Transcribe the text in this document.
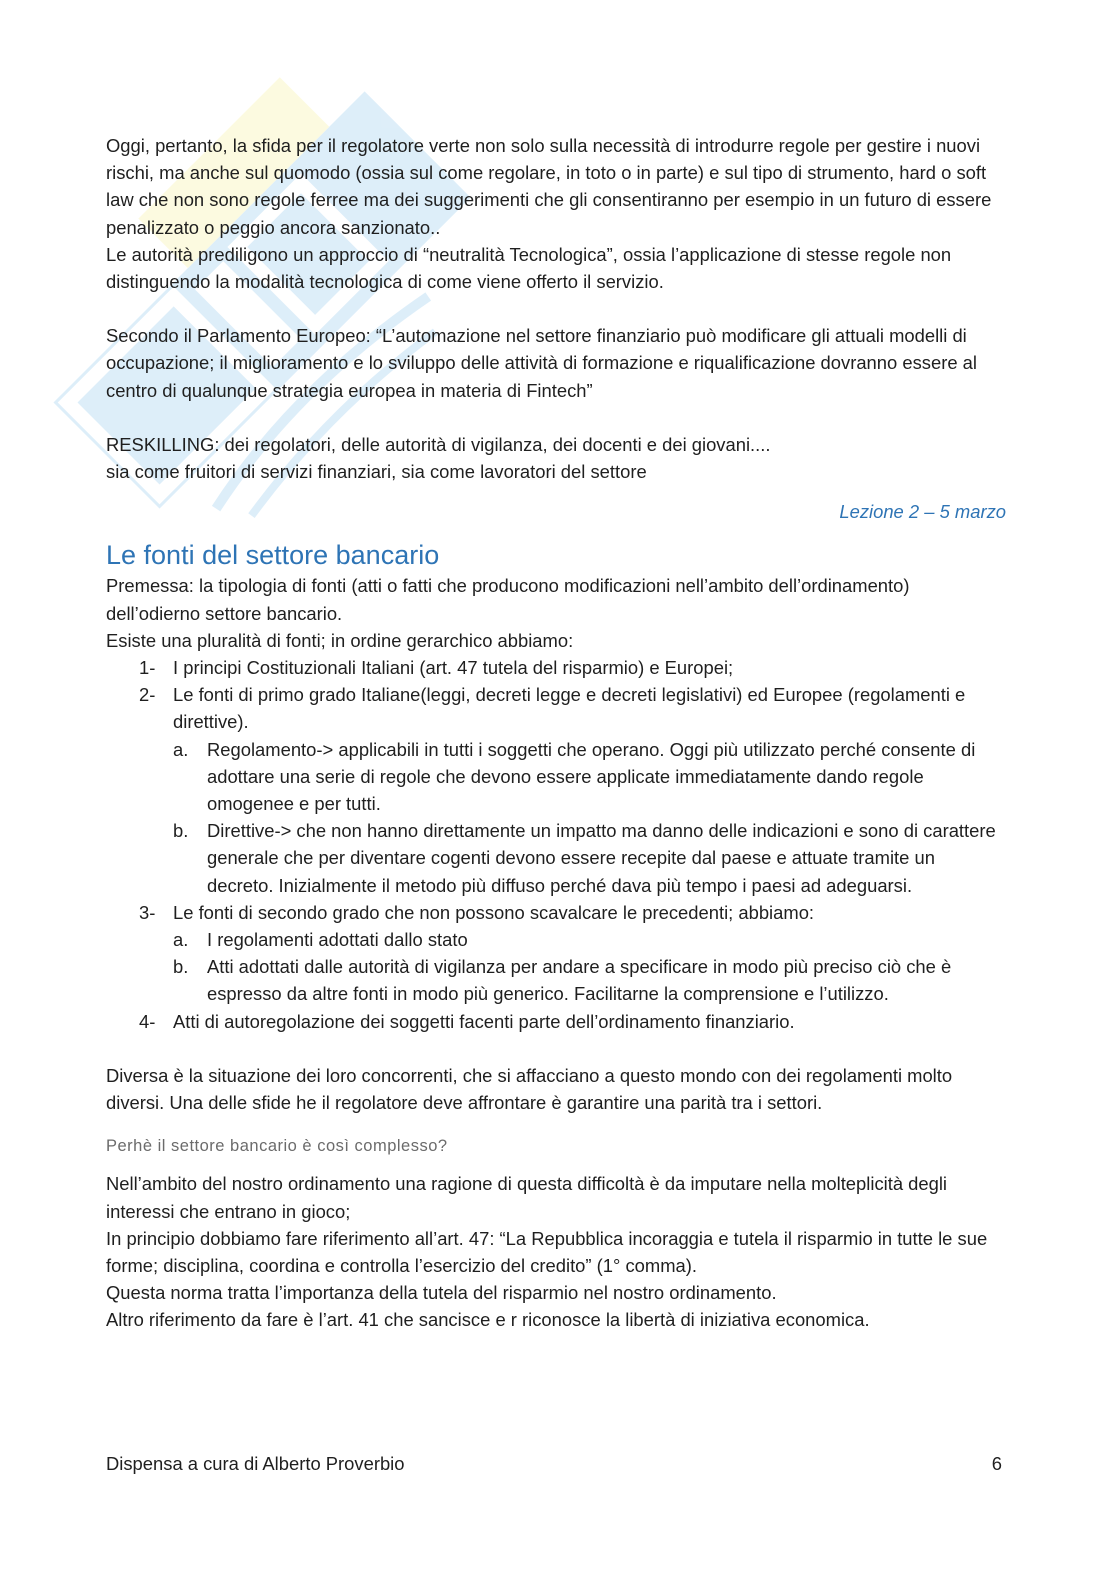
Oggi, pertanto, la sfida per il regolatore verte non solo sulla necessità di introdurre regole per gestire i nuovi rischi, ma anche sul quomodo (ossia sul come regolare, in toto o in parte) e sul tipo di strumento, hard o soft law che non sono regole ferree ma dei suggerimenti che gli consentiranno per esempio in un futuro di essere penalizzato o peggio ancora sanzionato..

Le autorità prediligono un approccio di “neutralità Tecnologica”, ossia l’applicazione di stesse regole non distinguendo la modalità tecnologica di come viene offerto il servizio.

Secondo il Parlamento Europeo: “L’automazione nel settore finanziario può modificare gli attuali modelli di occupazione; il miglioramento e lo sviluppo delle attività di formazione e riqualificazione dovranno essere al centro di qualunque strategia europea in materia di Fintech”

RESKILLING: dei regolatori, delle autorità di vigilanza, dei docenti e dei giovani....

sia come fruitori di servizi finanziari, sia come lavoratori del settore

Lezione 2 – 5 marzo

Le fonti del settore bancario

Premessa: la tipologia di fonti (atti o fatti che producono modificazioni nell’ambito dell’ordinamento) dell’odierno settore bancario.

Esiste una pluralità di fonti; in ordine gerarchico abbiamo:

1- I principi Costituzionali Italiani (art. 47 tutela del risparmio) e Europei;
2- Le fonti di primo grado Italiane(leggi, decreti legge e decreti legislativi) ed Europee (regolamenti e direttive).
a.	Regolamento-> applicabili in tutti i soggetti che operano. Oggi più utilizzato perché consente di adottare una serie di regole che devono essere applicate immediatamente dando regole omogenee e per tutti.
b.	Direttive-> che non hanno direttamente un impatto ma danno delle indicazioni e sono di carattere generale che per diventare cogenti devono essere recepite dal paese e attuate tramite un decreto. Inizialmente il metodo più diffuso perché dava più tempo i paesi ad adeguarsi.
3- Le fonti di secondo grado che non possono scavalcare le precedenti; abbiamo:
a.	I regolamenti adottati dallo stato
b.	Atti adottati dalle autorità di vigilanza per andare a specificare in modo più preciso ciò che è espresso da altre fonti in modo più generico. Facilitarne la comprensione e l’utilizzo.
4- Atti di autoregolazione dei soggetti facenti parte dell’ordinamento finanziario.

Diversa è la situazione dei loro concorrenti, che si affacciano a questo mondo con dei regolamenti molto diversi. Una delle sfide he il regolatore deve affrontare è garantire una parità tra i settori.

Perhè il settore bancario è così complesso?

Nell’ambito del nostro ordinamento una ragione di questa difficoltà è da imputare nella molteplicità degli interessi che entrano in gioco;

In principio dobbiamo fare riferimento all’art. 47: “La Repubblica incoraggia e tutela il risparmio in tutte le sue forme; disciplina, coordina e controlla l’esercizio del credito” (1° comma).

Questa norma tratta l’importanza della tutela del risparmio nel nostro ordinamento.

Altro riferimento da fare è l’art. 41 che sancisce e r riconosce la libertà di iniziativa economica.

Dispensa a cura di Alberto Proverbio	6
